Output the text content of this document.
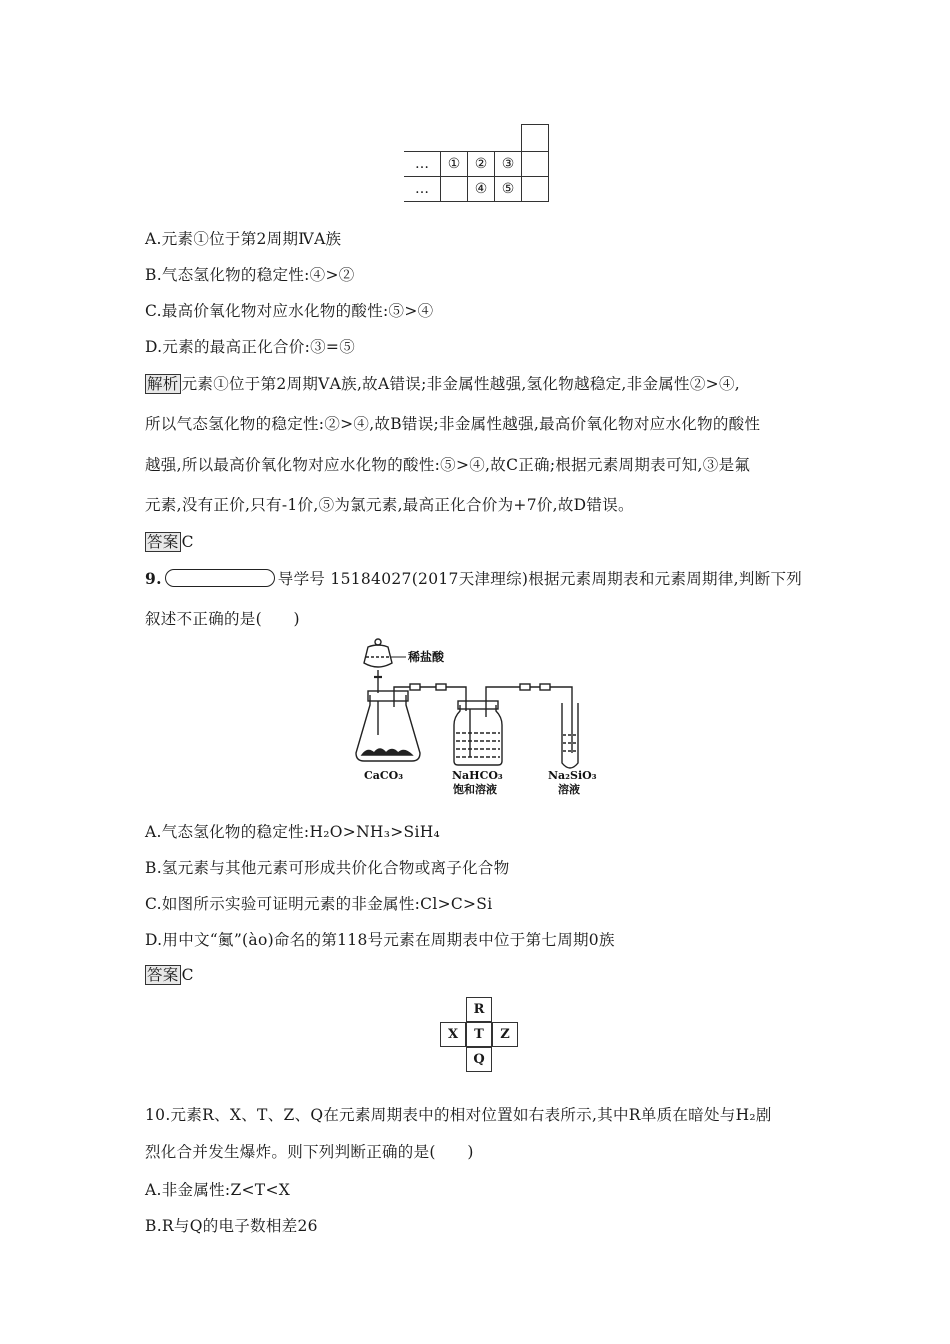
…	①	②	③	
…		④	⑤	
A.元素①位于第2周期ⅣA族
B.气态氢化物的稳定性:④>②
C.最高价氧化物对应水化物的酸性:⑤>④
D.元素的最高正化合价:③=⑤
解析 元素①位于第2周期ⅤA族,故A错误;非金属性越强,氢化物越稳定,非金属性②>④,
所以气态氢化物的稳定性:②>④,故B错误;非金属性越强,最高价氧化物对应水化物的酸性
越强,所以最高价氧化物对应水化物的酸性:⑤>④,故C正确;根据元素周期表可知,③是氟
元素,没有正价,只有-1价,⑤为氯元素,最高正化合价为+7价,故D错误。
答案 C
9.	导学号 15184027(2017天津理综)根据元素周期表和元素周期律,判断下列
叙述不正确的是(　　)
稀盐酸
CaCO₃	NaHCO₃
饱和溶液
Na₂SiO₃
溶液
A.气态氢化物的稳定性:H₂O>NH₃>SiH₄
B.氢元素与其他元素可形成共价化合物或离子化合物
C.如图所示实验可证明元素的非金属性:Cl>C>Si
D.用中文“鿫”(ào)命名的第118号元素在周期表中位于第七周期0族
答案 C
R
X	T	Z
Q
10.元素R、X、T、Z、Q在元素周期表中的相对位置如右表所示,其中R单质在暗处与H₂剧
烈化合并发生爆炸。则下列判断正确的是(　　)
A.非金属性:Z<T<X
B.R与Q的电子数相差26
